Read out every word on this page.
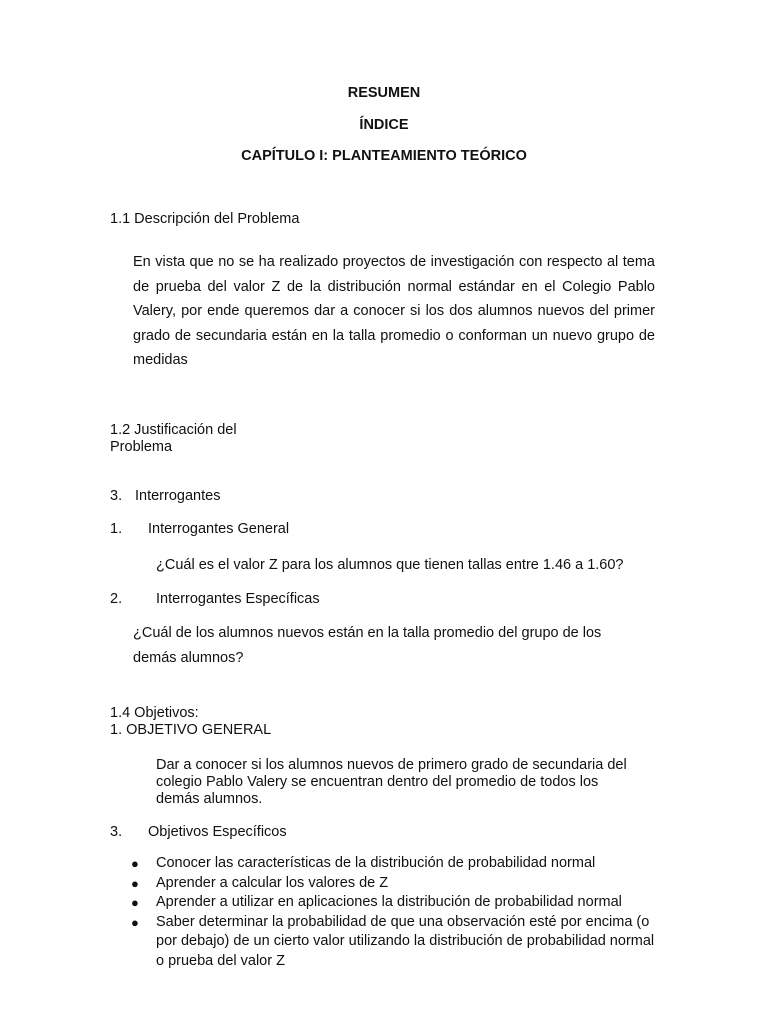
RESUMEN
ÍNDICE
CAPÍTULO I: PLANTEAMIENTO TEÓRICO
1.1 Descripción del Problema

En vista que no se ha realizado proyectos de investigación con respecto al tema de prueba del valor Z de la distribución normal estándar en el Colegio Pablo Valery, por ende queremos dar a conocer si los dos alumnos nuevos del primer grado de secundaria están en la talla promedio o conforman un nuevo grupo de medidas

1.2 Justificación del
Problema
3. Interrogantes
1. Interrogantes General
¿Cuál es el valor Z para los alumnos que tienen tallas entre 1.46 a 1.60?
2. Interrogantes Específicas
¿Cuál de los alumnos nuevos están en la talla promedio del grupo de los
demás alumnos?
1.4 Objetivos:
1. OBJETIVO GENERAL
Dar a conocer si los alumnos nuevos de primero grado de secundaria del
colegio Pablo Valery se encuentran dentro del promedio de todos los
demás alumnos.
3. Objetivos Específicos
● Conocer las características de la distribución de probabilidad normal
● Aprender a calcular los valores de Z
● Aprender a utilizar en aplicaciones la distribución de probabilidad normal
● Saber determinar la probabilidad de que una observación esté por encima (o por debajo) de un cierto valor utilizando la distribución de probabilidad normal o prueba del valor Z
